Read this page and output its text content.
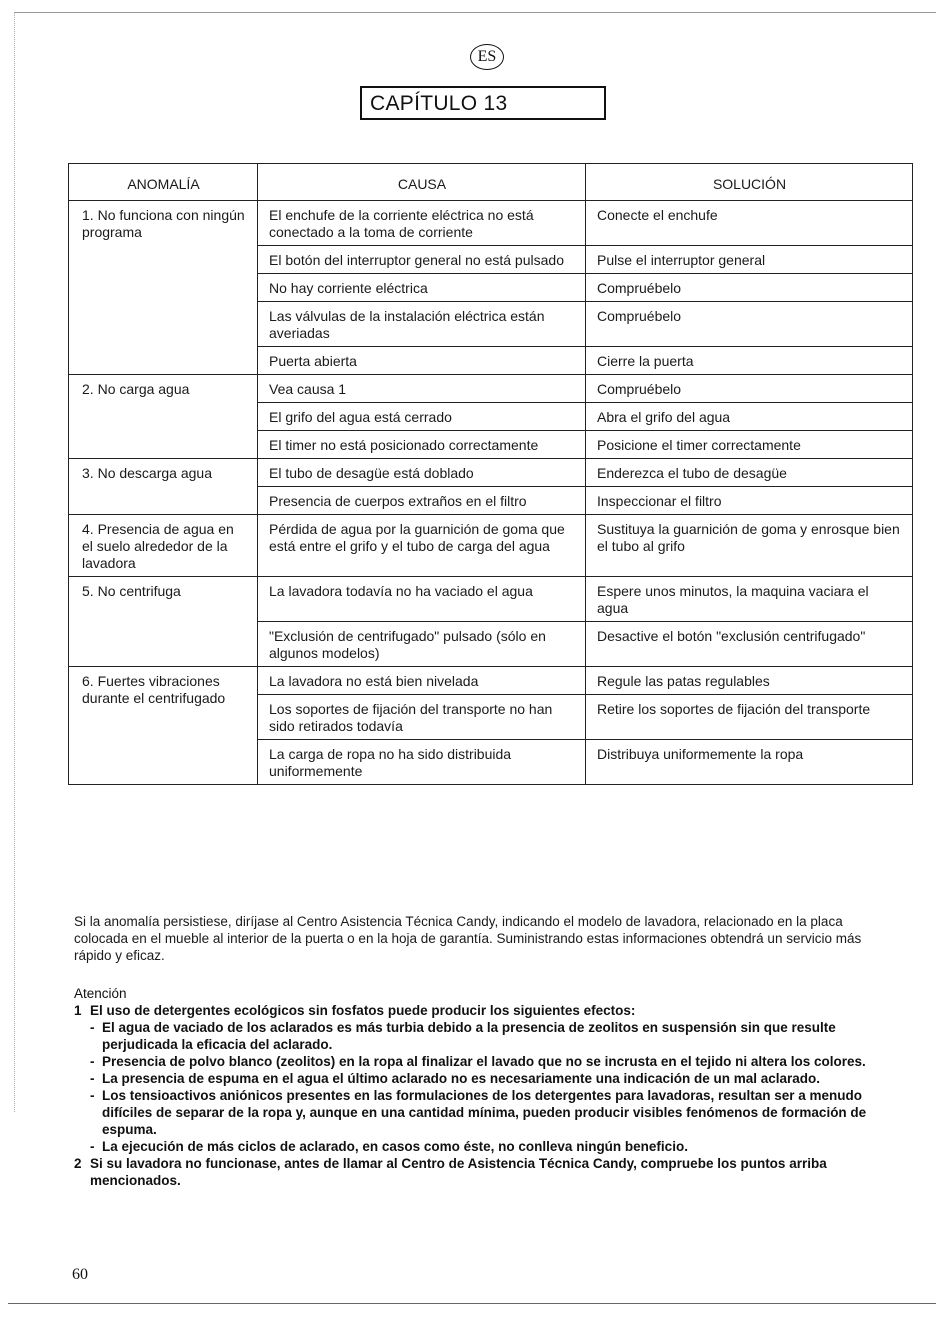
ES
CAPÍTULO 13
ANOMALÍA	CAUSA	SOLUCIÓN

1. No funciona con ningún programa	El enchufe de la corriente eléctrica no está conectado a la toma de corriente	Conecte el enchufe
	El botón del interruptor general no está pulsado	Pulse el interruptor general
	No hay corriente eléctrica	Compruébelo
	Las válvulas de la instalación eléctrica están averiadas	Compruébelo
	Puerta abierta	Cierre la puerta

2. No carga agua	Vea causa 1	Compruébelo
	El grifo del agua está cerrado	Abra el grifo del agua
	El timer no está posicionado correctamente	Posicione el timer correctamente

3. No descarga agua	El tubo de desagüe está doblado	Enderezca el tubo de desagüe
	Presencia de cuerpos extraños en el filtro	Inspeccionar el filtro

4. Presencia de agua en el suelo alrededor de la lavadora	Pérdida de agua por la guarnición de goma que está entre el grifo y el tubo de carga del agua	Sustituya la guarnición de goma y enrosque bien el tubo al grifo

5. No centrifuga	La lavadora todavía no ha vaciado el agua	Espere unos minutos, la maquina vaciara el agua
	"Exclusión de centrifugado" pulsado (sólo en algunos modelos)	Desactive el botón "exclusión centrifugado"

6. Fuertes vibraciones durante el centrifugado	La lavadora no está bien nivelada	Regule las patas regulables
	Los soportes de fijación del transporte no han sido retirados todavía	Retire los soportes de fijación del transporte
	La carga de ropa no ha sido distribuida uniformemente	Distribuya uniformemente la ropa
Si la anomalía persistiese, diríjase al Centro Asistencia Técnica Candy, indicando el modelo de lavadora, relacionado en la placa colocada en el mueble al interior de la puerta o en la hoja de garantía. Suministrando estas informaciones obtendrá un servicio más rápido y eficaz.
Atención
1 El uso de detergentes ecológicos sin fosfatos puede producir los siguientes efectos:
- El agua de vaciado de los aclarados es más turbia debido a la presencia de zeolitos en suspensión sin que resulte perjudicada la eficacia del aclarado.
- Presencia de polvo blanco (zeolitos) en la ropa al finalizar el lavado que no se incrusta en el tejido ni altera los colores.
- La presencia de espuma en el agua el último aclarado no es necesariamente una indicación de un mal aclarado.
- Los tensioactivos aniónicos presentes en las formulaciones de los detergentes para lavadoras, resultan ser a menudo difíciles de separar de la ropa y, aunque en una cantidad mínima, pueden producir visibles fenómenos de formación de espuma.
- La ejecución de más ciclos de aclarado, en casos como éste, no conlleva ningún beneficio.
2 Si su lavadora no funcionase, antes de llamar al Centro de Asistencia Técnica Candy, compruebe los puntos arriba mencionados.
60
